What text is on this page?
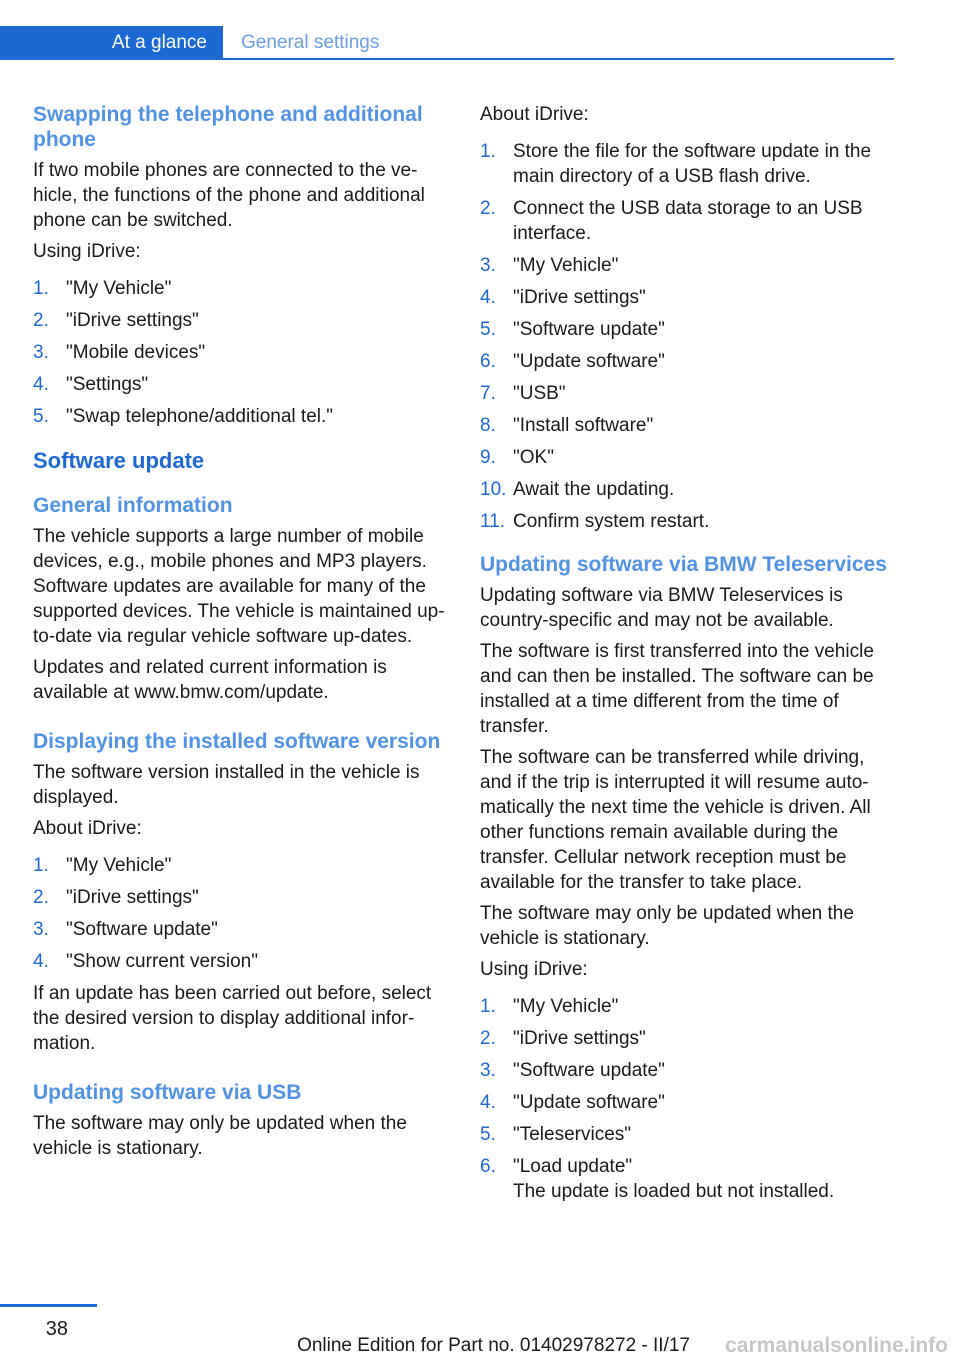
At a glance	General settings
Swapping the telephone and additional phone

If two mobile phones are connected to the ve‐hicle, the functions of the phone and additional phone can be switched.

Using iDrive:

1. "My Vehicle"
2. "iDrive settings"
3. "Mobile devices"
4. "Settings"
5. "Swap telephone/additional tel."
Software update
General information

The vehicle supports a large number of mobile devices, e.g., mobile phones and MP3 players. Software updates are available for many of the supported devices. The vehicle is maintained up-to-date via regular vehicle software up‐dates.

Updates and related current information is available at www.bmw.com/update.

Displaying the installed software version

The software version installed in the vehicle is displayed.

About iDrive:

1. "My Vehicle"
2. "iDrive settings"
3. "Software update"
4. "Show current version"

If an update has been carried out before, select the desired version to display additional infor‐mation.

Updating software via USB

The software may only be updated when the vehicle is stationary.

About iDrive:

1. Store the file for the software update in the main directory of a USB flash drive.
2. Connect the USB data storage to an USB interface.
3. "My Vehicle"
4. "iDrive settings"
5. "Software update"
6. "Update software"
7. "USB"
8. "Install software"
9. "OK"
10. Await the updating.
11. Confirm system restart.
Updating software via BMW Teleservices

Updating software via BMW Teleservices is country-specific and may not be available.

The software is first transferred into the vehicle and can then be installed. The software can be installed at a time different from the time of transfer.

The software can be transferred while driving, and if the trip is interrupted it will resume auto‐matically the next time the vehicle is driven. All other functions remain available during the transfer. Cellular network reception must be available for the transfer to take place.

The software may only be updated when the vehicle is stationary.

Using iDrive:

1. "My Vehicle"
2. "iDrive settings"
3. "Software update"
4. "Update software"
5. "Teleservices"
6. "Load update"
The update is loaded but not installed.
38
Online Edition for Part no. 01402978272 - II/17 carmanualsonline.info
